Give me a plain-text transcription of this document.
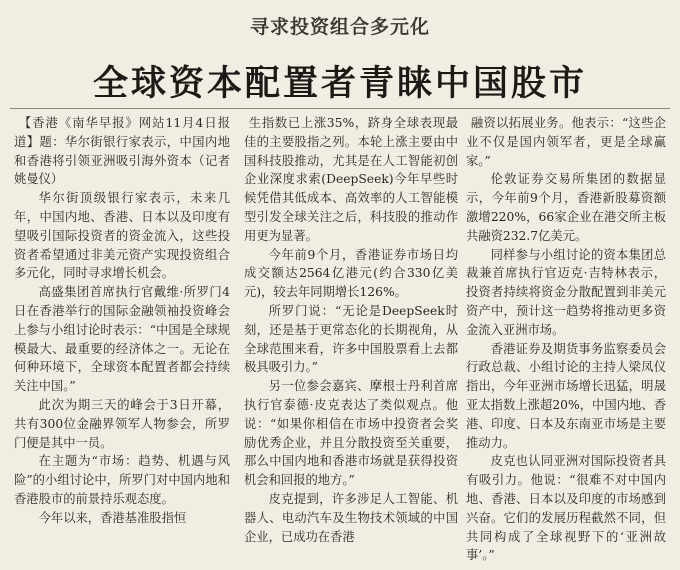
寻求投资组合多元化
全球资本配置者青睐中国股市

【香港《南华早报》网站11月4日报道】题：华尔街银行家表示，中国内地和香港将引领亚洲吸引海外资本（记者　姚曼仪）

华尔街顶级银行家表示，未来几年，中国内地、香港、日本以及印度有望吸引国际投资者的资金流入，这些投资者希望通过非美元资产实现投资组合多元化，同时寻求增长机会。

高盛集团首席执行官戴维·所罗门4日在香港举行的国际金融领袖投资峰会上参与小组讨论时表示：“中国是全球规模最大、最重要的经济体之一。无论在何种环境下，全球资本配置者都会持续关注中国。”

此次为期三天的峰会于3日开幕，共有300位金融界领军人物参会，所罗门便是其中一员。

在主题为“市场：趋势、机遇与风险”的小组讨论中，所罗门对中国内地和香港股市的前景持乐观态度。

今年以来，香港基准股指恒

生指数已上涨35%，跻身全球表现最佳的主要股指之列。本轮上涨主要由中国科技股推动，尤其是在人工智能初创企业深度求索(DeepSeek)今年早些时候凭借其低成本、高效率的人工智能模型引发全球关注之后，科技股的推动作用更为显著。

今年前9个月，香港证券市场日均成交额达2564亿港元(约合330亿美元)，较去年同期增长126%。

所罗门说：“无论是DeepSeek时刻，还是基于更常态化的长期视角，从全球范围来看，许多中国股票看上去都极具吸引力。”

另一位参会嘉宾、摩根士丹利首席执行官泰德·皮克表达了类似观点。他说：“如果你相信在市场中投资者会奖励优秀企业，并且分散投资至关重要，那么中国内地和香港市场就是获得投资机会和回报的地方。”

皮克提到，许多涉足人工智能、机器人、电动汽车及生物技术领域的中国企业，已成功在香港

融资以拓展业务。他表示：“这些企业不仅是国内领军者，更是全球赢家。”

伦敦证券交易所集团的数据显示，今年前9个月，香港新股募资额激增220%，66家企业在港交所主板共融资232.7亿美元。

同样参与小组讨论的资本集团总裁兼首席执行官迈克·吉特林表示，投资者持续将资金分散配置到非美元资产中，预计这一趋势将推动更多资金流入亚洲市场。

香港证券及期货事务监察委员会行政总裁、小组讨论的主持人梁凤仪指出，今年亚洲市场增长迅猛，明晟亚太指数上涨超20%，中国内地、香港、印度、日本及东南亚市场是主要推动力。

皮克也认同亚洲对国际投资者具有吸引力。他说：“很难不对中国内地、香港、日本以及印度的市场感到兴奋。它们的发展历程截然不同，但共同构成了全球视野下的‘亚洲故事’。”
